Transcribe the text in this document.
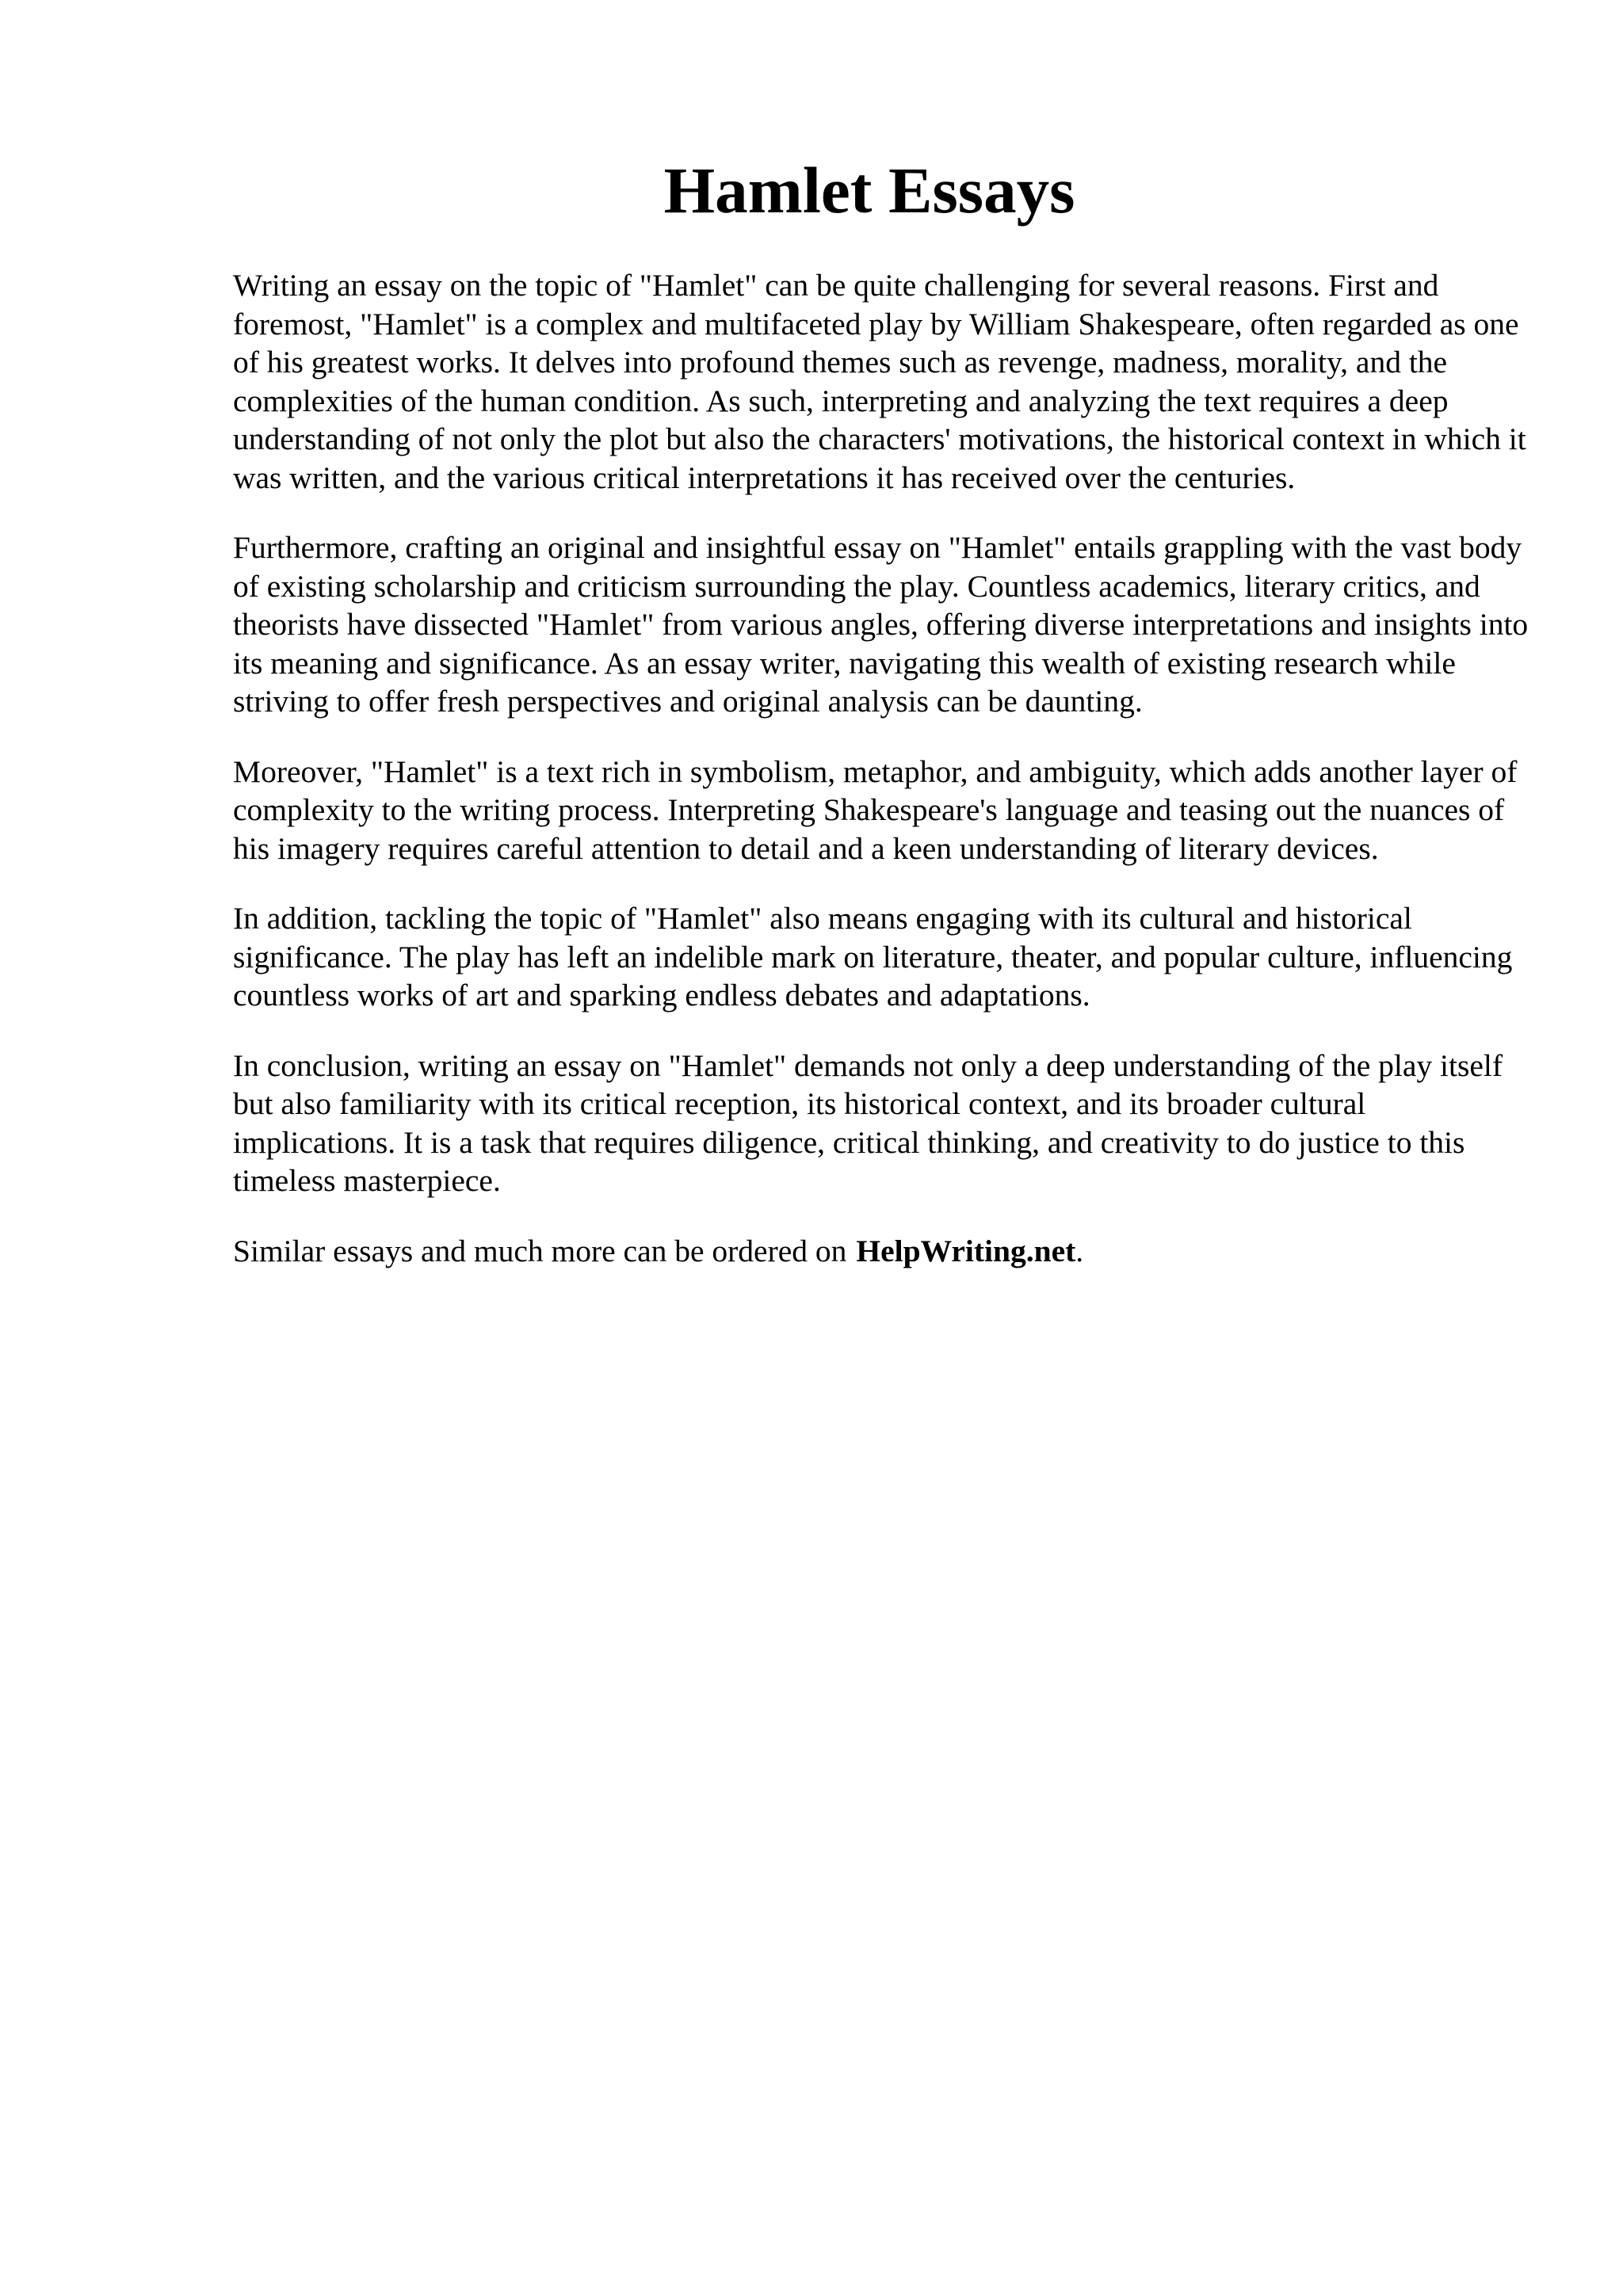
Hamlet Essays

Writing an essay on the topic of "Hamlet" can be quite challenging for several reasons. First and foremost, "Hamlet" is a complex and multifaceted play by William Shakespeare, often regarded as one of his greatest works. It delves into profound themes such as revenge, madness, morality, and the complexities of the human condition. As such, interpreting and analyzing the text requires a deep understanding of not only the plot but also the characters' motivations, the historical context in which it was written, and the various critical interpretations it has received over the centuries.

Furthermore, crafting an original and insightful essay on "Hamlet" entails grappling with the vast body of existing scholarship and criticism surrounding the play. Countless academics, literary critics, and theorists have dissected "Hamlet" from various angles, offering diverse interpretations and insights into its meaning and significance. As an essay writer, navigating this wealth of existing research while striving to offer fresh perspectives and original analysis can be daunting.

Moreover, "Hamlet" is a text rich in symbolism, metaphor, and ambiguity, which adds another layer of complexity to the writing process. Interpreting Shakespeare's language and teasing out the nuances of his imagery requires careful attention to detail and a keen understanding of literary devices.

In addition, tackling the topic of "Hamlet" also means engaging with its cultural and historical significance. The play has left an indelible mark on literature, theater, and popular culture, influencing countless works of art and sparking endless debates and adaptations.

In conclusion, writing an essay on "Hamlet" demands not only a deep understanding of the play itself but also familiarity with its critical reception, its historical context, and its broader cultural implications. It is a task that requires diligence, critical thinking, and creativity to do justice to this timeless masterpiece.

Similar essays and much more can be ordered on HelpWriting.net.
